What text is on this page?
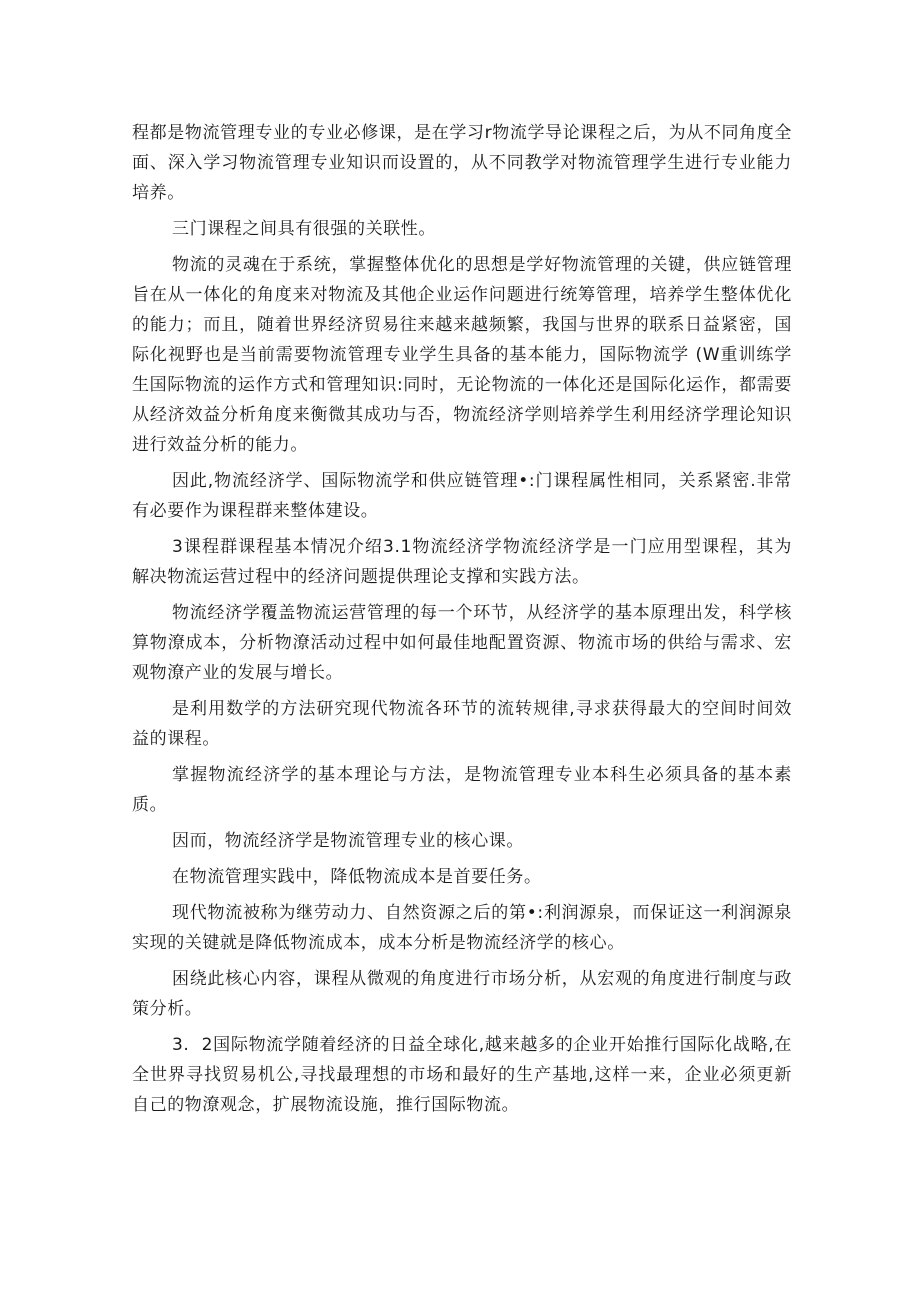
程都是物流管理专业的专业必修课，是在学习r物流学导论课程之后，为从不同角度全面、深入学习物流管理专业知识而设置的，从不同教学对物流管理学生进行专业能力培养。

三门课程之间具有很强的关联性。

物流的灵魂在于系统，掌握整体优化的思想是学好物流管理的关键，供应链管理旨在从一体化的角度来对物流及其他企业运作问题进行统筹管理，培养学生整体优化的能力；而且，随着世界经济贸易往来越来越频繁，我国与世界的联系日益紧密，国际化视野也是当前需要物流管理专业学生具备的基本能力，国际物流学 (W重训练学生国际物流的运作方式和管理知识:同时，无论物流的一体化还是国际化运作，都需要从经济效益分析角度来衡微其成功与否，物流经济学则培养学生利用经济学理论知识进行效益分析的能力。

因此,物流经济学、国际物流学和供应链管理•:门课程属性相同，关系紧密.非常有必要作为课程群来整体建设。

3课程群课程基本情况介绍3.1物流经济学物流经济学是一门应用型课程，其为解决物流运营过程中的经济问题提供理论支撑和实践方法。

物流经济学覆盖物流运营管理的每一个环节，从经济学的基本原理出发，科学核算物潦成本，分析物潦活动过程中如何最佳地配置资源、物流市场的供给与需求、宏观物潦产业的发展与增长。

是利用数学的方法研究现代物流各环节的流转规律,寻求获得最大的空间时间效益的课程。

掌握物流经济学的基本理论与方法，是物流管理专业本科生必须具备的基本素质。

因而，物流经济学是物流管理专业的核心课。

在物流管理实践中，降低物流成本是首要任务。

现代物流被称为继劳动力、自然资源之后的第•:利润源泉，而保证这一利润源泉实现的关键就是降低物流成本，成本分析是物流经济学的核心。

困绕此核心内容，课程从微观的角度进行市场分析，从宏观的角度进行制度与政策分析。

3.  2国际物流学随着经济的日益全球化,越来越多的企业开始推行国际化战略,在全世界寻找贸易机公,寻找最理想的市场和最好的生产基地,这样一来，企业必须更新自己的物潦观念，扩展物流设施，推行国际物流。
